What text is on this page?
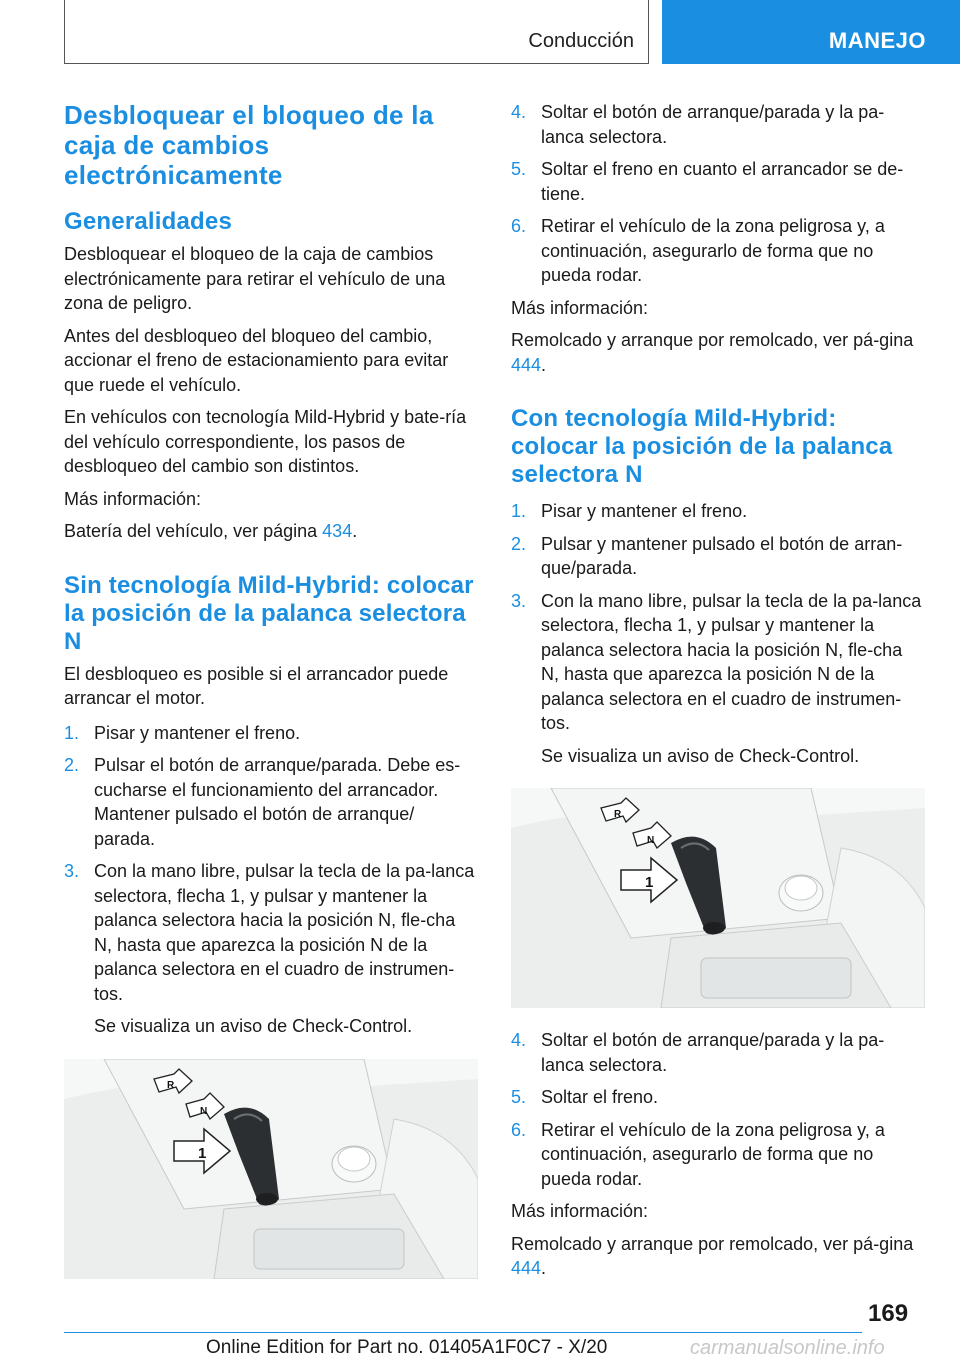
Conducción	MANEJO
Desbloquear el bloqueo de la caja de cambios electrónicamente
Generalidades

Desbloquear el bloqueo de la caja de cambios electrónicamente para retirar el vehículo de una zona de peligro.

Antes del desbloqueo del bloqueo del cambio, accionar el freno de estacionamiento para evitar que ruede el vehículo.

En vehículos con tecnología Mild-Hybrid y bate-ría del vehículo correspondiente, los pasos de desbloqueo del cambio son distintos.

Más información:

Batería del vehículo, ver página 434.

Sin tecnología Mild-Hybrid: colocar la posición de la palanca selectora N

El desbloqueo es posible si el arrancador puede arrancar el motor.

1. Pisar y mantener el freno.
2. Pulsar el botón de arranque/parada. Debe es-cucharse el funcionamiento del arrancador. Mantener pulsado el botón de arranque/ parada.
3. Con la mano libre, pulsar la tecla de la pa-lanca selectora, flecha 1, y pulsar y mantener la palanca selectora hacia la posición N, fle-cha N, hasta que aparezca la posición N de la palanca selectora en el cuadro de instrumen-tos.
Se visualiza un aviso de Check-Control.
R
N
1
4. Soltar el botón de arranque/parada y la pa-lanca selectora.
5. Soltar el freno en cuanto el arrancador se de-tiene.
6. Retirar el vehículo de la zona peligrosa y, a continuación, asegurarlo de forma que no pueda rodar.

Más información:

Remolcado y arranque por remolcado, ver pá-gina 444.

Con tecnología Mild-Hybrid: colocar la posición de la palanca selectora N
1. Pisar y mantener el freno.
2. Pulsar y mantener pulsado el botón de arran-que/parada.
3. Con la mano libre, pulsar la tecla de la pa-lanca selectora, flecha 1, y pulsar y mantener la palanca selectora hacia la posición N, fle-cha N, hasta que aparezca la posición N de la palanca selectora en el cuadro de instrumen-tos.
Se visualiza un aviso de Check-Control.
R
N
1
4. Soltar el botón de arranque/parada y la pa-lanca selectora.
5. Soltar el freno.
6. Retirar el vehículo de la zona peligrosa y, a continuación, asegurarlo de forma que no pueda rodar.

Más información:

Remolcado y arranque por remolcado, ver pá-gina 444.

169
Online Edition for Part no. 01405A1F0C7 - X/20	carmanualsonline.info
